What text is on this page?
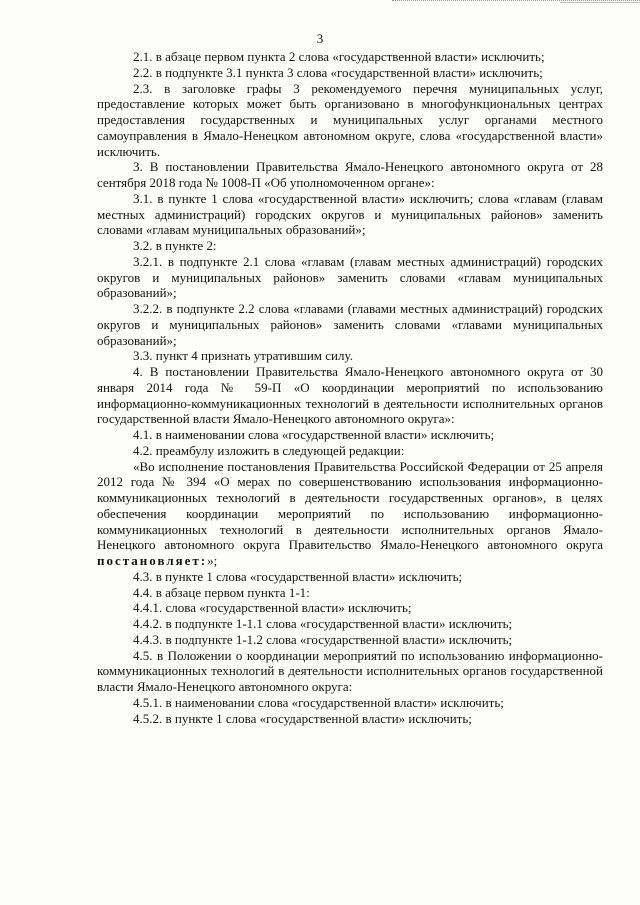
3

2.1. в абзаце первом пункта 2 слова «государственной власти» исключить;

2.2. в подпункте 3.1 пункта 3 слова «государственной власти» исключить;

2.3. в заголовке графы 3 рекомендуемого перечня муниципальных услуг, предоставление которых может быть организовано в многофункциональных центрах предоставления государственных и муниципальных услуг органами местного самоуправления в Ямало-Ненецком автономном округе, слова «государственной власти» исключить.

3. В постановлении Правительства Ямало-Ненецкого автономного округа от 28 сентября 2018 года № 1008-П «Об уполномоченном органе»:

3.1. в пункте 1 слова «государственной власти» исключить; слова «главам (главам местных администраций) городских округов и муниципальных районов» заменить словами «главам муниципальных образований»;

3.2. в пункте 2:

3.2.1. в подпункте 2.1 слова «главам (главам местных администраций) городских округов и муниципальных районов» заменить словами «главам муниципальных образований»;

3.2.2. в подпункте 2.2 слова «главами (главами местных администраций) городских округов и муниципальных районов» заменить словами «главами муниципальных образований»;

3.3. пункт 4 признать утратившим силу.

4. В постановлении Правительства Ямало-Ненецкого автономного округа от 30 января 2014 года № 59-П «О координации мероприятий по использованию информационно-коммуникационных технологий в деятельности исполнительных органов государственной власти Ямало-Ненецкого автономного округа»:

4.1. в наименовании слова «государственной власти» исключить;

4.2. преамбулу изложить в следующей редакции:

«Во исполнение постановления Правительства Российской Федерации от 25 апреля 2012 года № 394 «О мерах по совершенствованию использования информационно-коммуникационных технологий в деятельности государственных органов», в целях обеспечения координации мероприятий по использованию информационно-коммуникационных технологий в деятельности исполнительных органов Ямало-Ненецкого автономного округа Правительство Ямало-Ненецкого автономного округа постановляет:»;

4.3. в пункте 1 слова «государственной власти» исключить;

4.4. в абзаце первом пункта 1-1:

4.4.1. слова «государственной власти» исключить;

4.4.2. в подпункте 1-1.1 слова «государственной власти» исключить;

4.4.3. в подпункте 1-1.2 слова «государственной власти» исключить;

4.5. в Положении о координации мероприятий по использованию информационно-коммуникационных технологий в деятельности исполнительных органов государственной власти Ямало-Ненецкого автономного округа:

4.5.1. в наименовании слова «государственной власти» исключить;

4.5.2. в пункте 1 слова «государственной власти» исключить;
